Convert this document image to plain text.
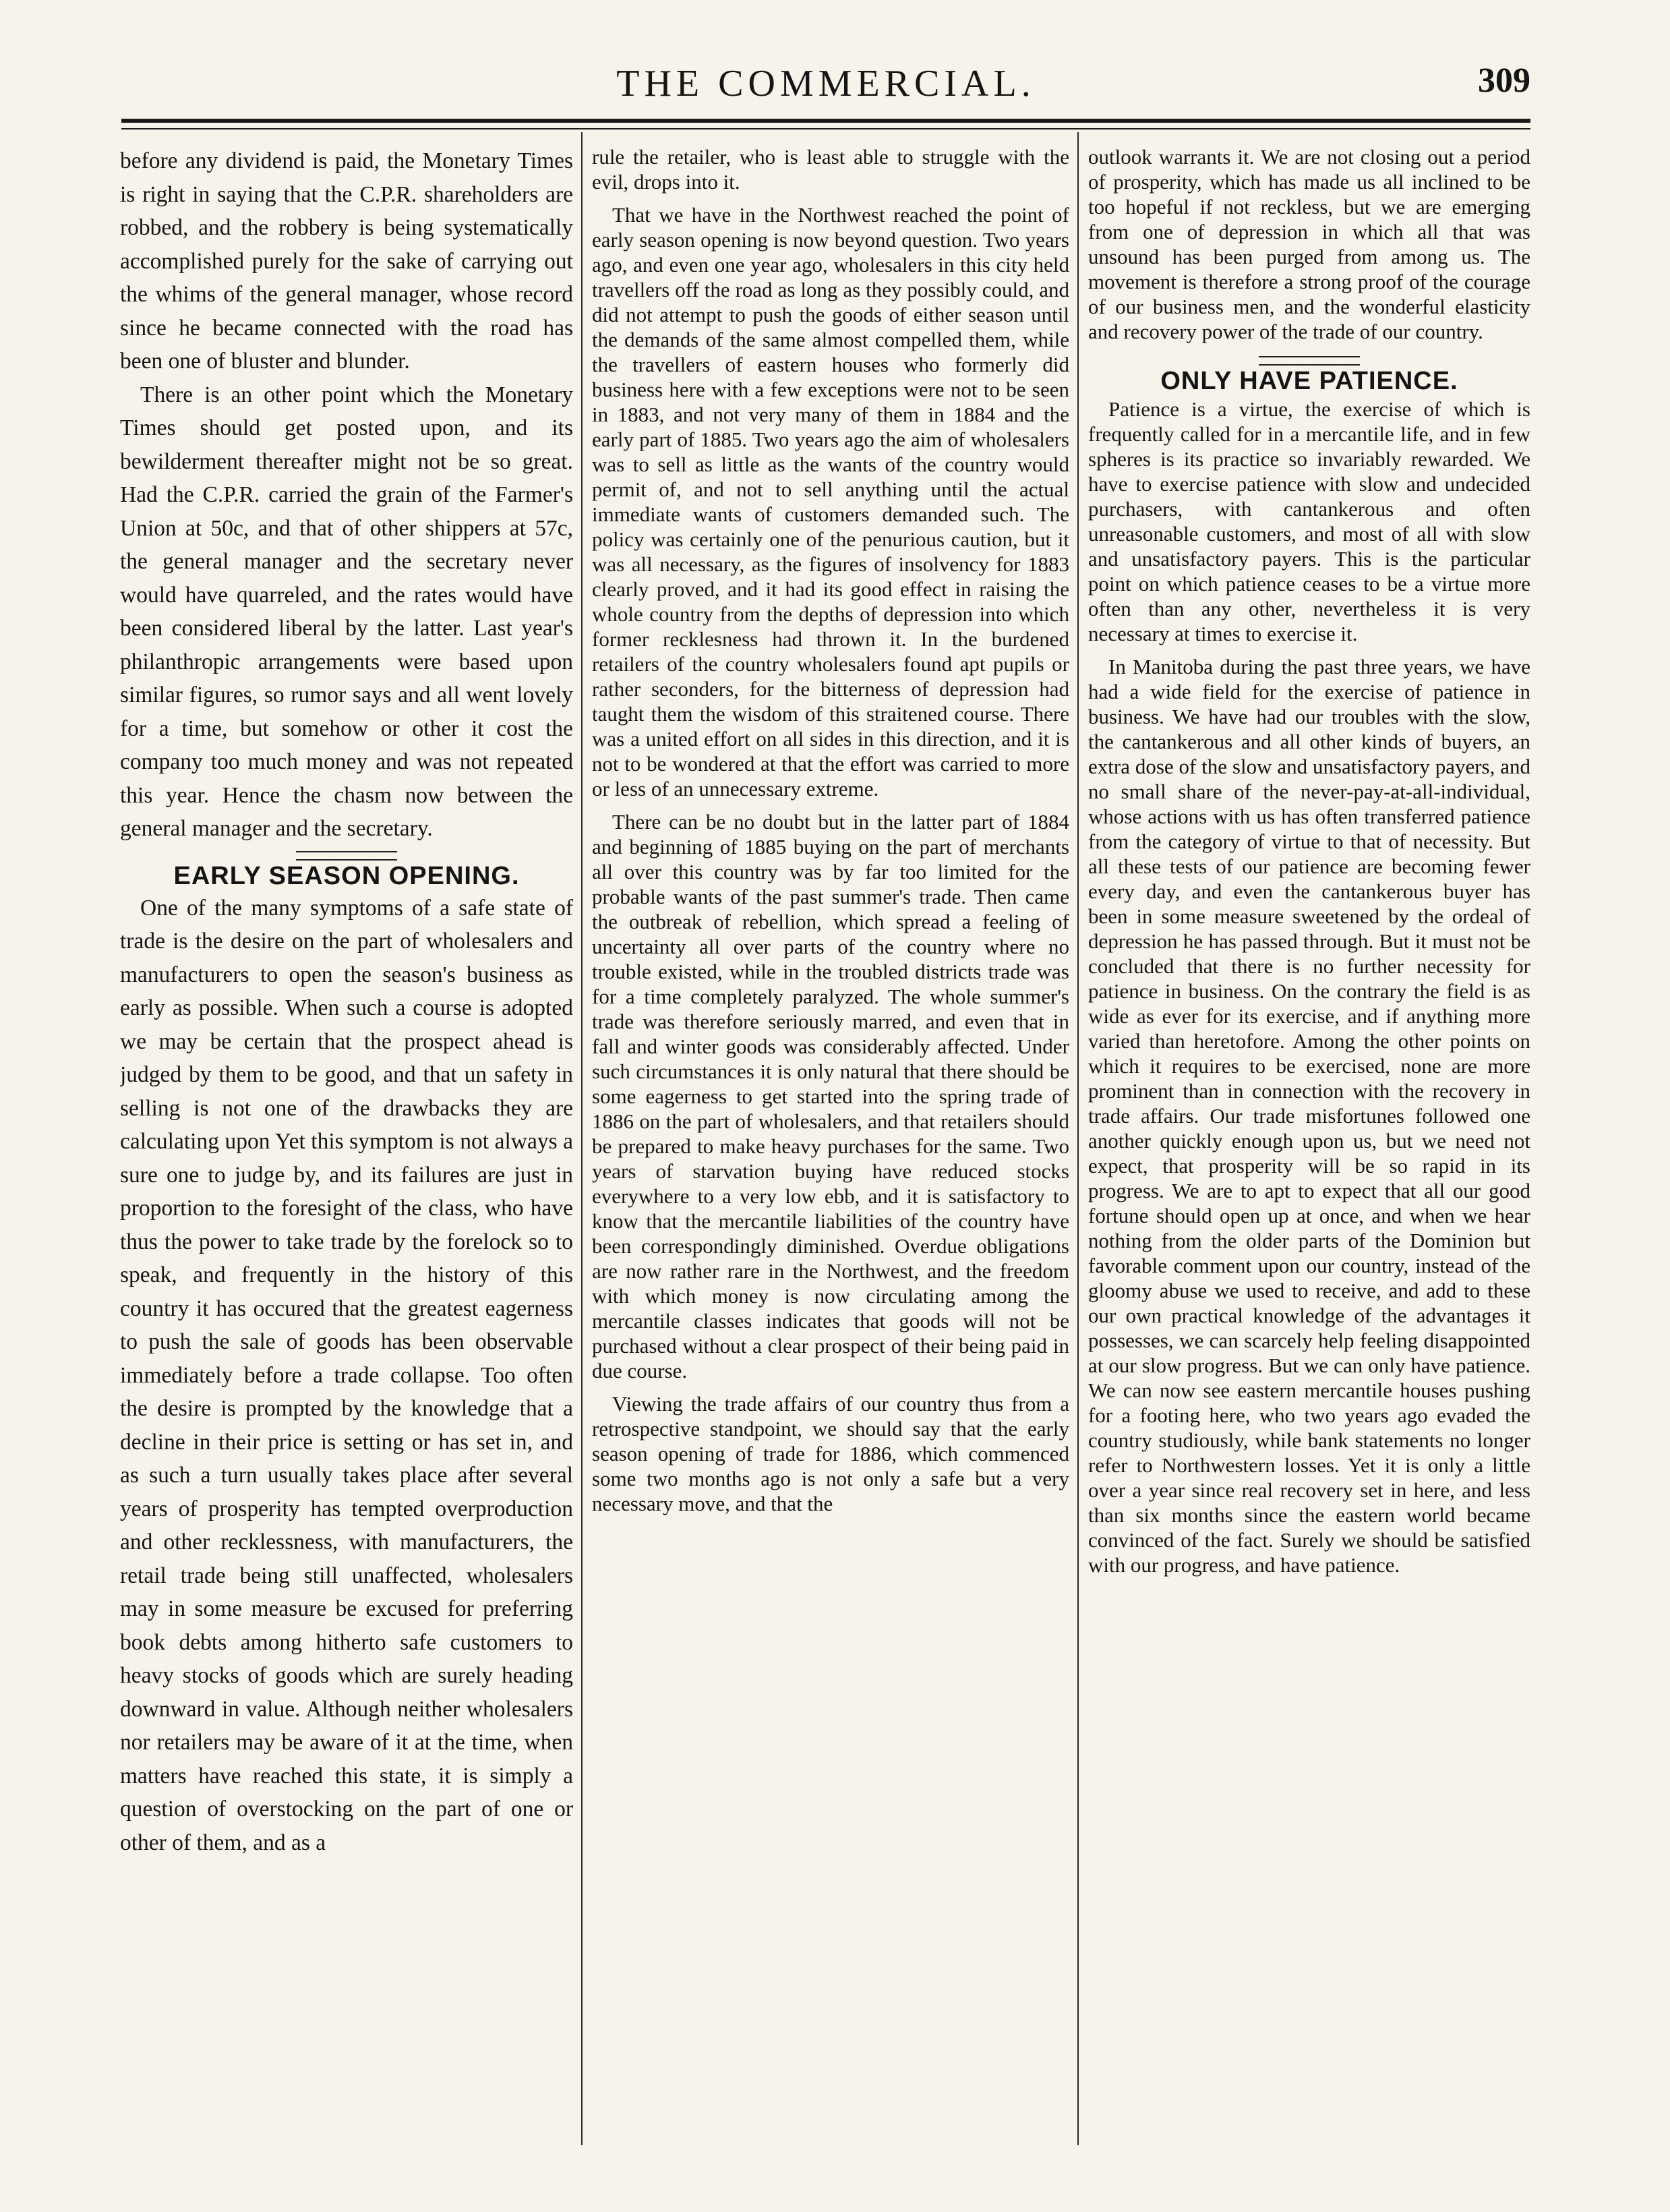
THE COMMERCIAL.	309

before any dividend is paid, the Monetary Times is right in saying that the C.P.R. shareholders are robbed, and the robbery is being systematically accomplished purely for the sake of carrying out the whims of the general manager, whose record since he became connected with the road has been one of bluster and blunder.

There is an other point which the Monetary Times should get posted upon, and its bewilderment thereafter might not be so great. Had the C.P.R. carried the grain of the Farmer's Union at 50c, and that of other shippers at 57c, the general manager and the secretary never would have quarreled, and the rates would have been considered liberal by the latter. Last year's philanthropic arrangements were based upon similar figures, so rumor says and all went lovely for a time, but somehow or other it cost the company too much money and was not repeated this year. Hence the chasm now between the general manager and the secretary.

EARLY SEASON OPENING.

One of the many symptoms of a safe state of trade is the desire on the part of wholesalers and manufacturers to open the season's business as early as possible. When such a course is adopted we may be certain that the prospect ahead is judged by them to be good, and that un safety in selling is not one of the drawbacks they are calculating upon Yet this symptom is not always a sure one to judge by, and its failures are just in proportion to the foresight of the class, who have thus the power to take trade by the forelock so to speak, and frequently in the history of this country it has occured that the greatest eagerness to push the sale of goods has been observable immediately before a trade collapse. Too often the desire is prompted by the knowledge that a decline in their price is setting or has set in, and as such a turn usually takes place after several years of prosperity has tempted overproduction and other recklessness, with manufacturers, the retail trade being still unaffected, wholesalers may in some measure be excused for preferring book debts among hitherto safe customers to heavy stocks of goods which are surely heading downward in value. Although neither wholesalers nor retailers may be aware of it at the time, when matters have reached this state, it is simply a question of overstocking on the part of one or other of them, and as a

rule the retailer, who is least able to struggle with the evil, drops into it.

That we have in the Northwest reached the point of early season opening is now beyond question. Two years ago, and even one year ago, wholesalers in this city held travellers off the road as long as they possibly could, and did not attempt to push the goods of either season until the demands of the same almost compelled them, while the travellers of eastern houses who formerly did business here with a few exceptions were not to be seen in 1883, and not very many of them in 1884 and the early part of 1885. Two years ago the aim of wholesalers was to sell as little as the wants of the country would permit of, and not to sell anything until the actual immediate wants of customers demanded such. The policy was certainly one of the penurious caution, but it was all necessary, as the figures of insolvency for 1883 clearly proved, and it had its good effect in raising the whole country from the depths of depression into which former recklesness had thrown it. In the burdened retailers of the country wholesalers found apt pupils or rather seconders, for the bitterness of depression had taught them the wisdom of this straitened course. There was a united effort on all sides in this direction, and it is not to be wondered at that the effort was carried to more or less of an unnecessary extreme.

There can be no doubt but in the latter part of 1884 and beginning of 1885 buying on the part of merchants all over this country was by far too limited for the probable wants of the past summer's trade. Then came the outbreak of rebellion, which spread a feeling of uncertainty all over parts of the country where no trouble existed, while in the troubled districts trade was for a time completely paralyzed. The whole summer's trade was therefore seriously marred, and even that in fall and winter goods was considerably affected. Under such circumstances it is only natural that there should be some eagerness to get started into the spring trade of 1886 on the part of wholesalers, and that retailers should be prepared to make heavy purchases for the same. Two years of starvation buying have reduced stocks everywhere to a very low ebb, and it is satisfactory to know that the mercantile liabilities of the country have been correspondingly diminished. Overdue obligations are now rather rare in the Northwest, and the freedom with which money is now circulating among the mercantile classes indicates that goods will not be purchased without a clear prospect of their being paid in due course.

Viewing the trade affairs of our country thus from a retrospective standpoint, we should say that the early season opening of trade for 1886, which commenced some two months ago is not only a safe but a very necessary move, and that the

outlook warrants it. We are not closing out a period of prosperity, which has made us all inclined to be too hopeful if not reckless, but we are emerging from one of depression in which all that was unsound has been purged from among us. The movement is therefore a strong proof of the courage of our business men, and the wonderful elasticity and recovery power of the trade of our country.

ONLY HAVE PATIENCE.

Patience is a virtue, the exercise of which is frequently called for in a mercantile life, and in few spheres is its practice so invariably rewarded. We have to exercise patience with slow and undecided purchasers, with cantankerous and often unreasonable customers, and most of all with slow and unsatisfactory payers. This is the particular point on which patience ceases to be a virtue more often than any other, nevertheless it is very necessary at times to exercise it.

In Manitoba during the past three years, we have had a wide field for the exercise of patience in business. We have had our troubles with the slow, the cantankerous and all other kinds of buyers, an extra dose of the slow and unsatisfactory payers, and no small share of the never-pay-at-all-individual, whose actions with us has often transferred patience from the category of virtue to that of necessity. But all these tests of our patience are becoming fewer every day, and even the cantankerous buyer has been in some measure sweetened by the ordeal of depression he has passed through. But it must not be concluded that there is no further necessity for patience in business. On the contrary the field is as wide as ever for its exercise, and if anything more varied than heretofore. Among the other points on which it requires to be exercised, none are more prominent than in connection with the recovery in trade affairs. Our trade misfortunes followed one another quickly enough upon us, but we need not expect, that prosperity will be so rapid in its progress. We are to apt to expect that all our good fortune should open up at once, and when we hear nothing from the older parts of the Dominion but favorable comment upon our country, instead of the gloomy abuse we used to receive, and add to these our own practical knowledge of the advantages it possesses, we can scarcely help feeling disappointed at our slow progress. But we can only have patience. We can now see eastern mercantile houses pushing for a footing here, who two years ago evaded the country studiously, while bank statements no longer refer to Northwestern losses. Yet it is only a little over a year since real recovery set in here, and less than six months since the eastern world became convinced of the fact. Surely we should be satisfied with our progress, and have patience.
